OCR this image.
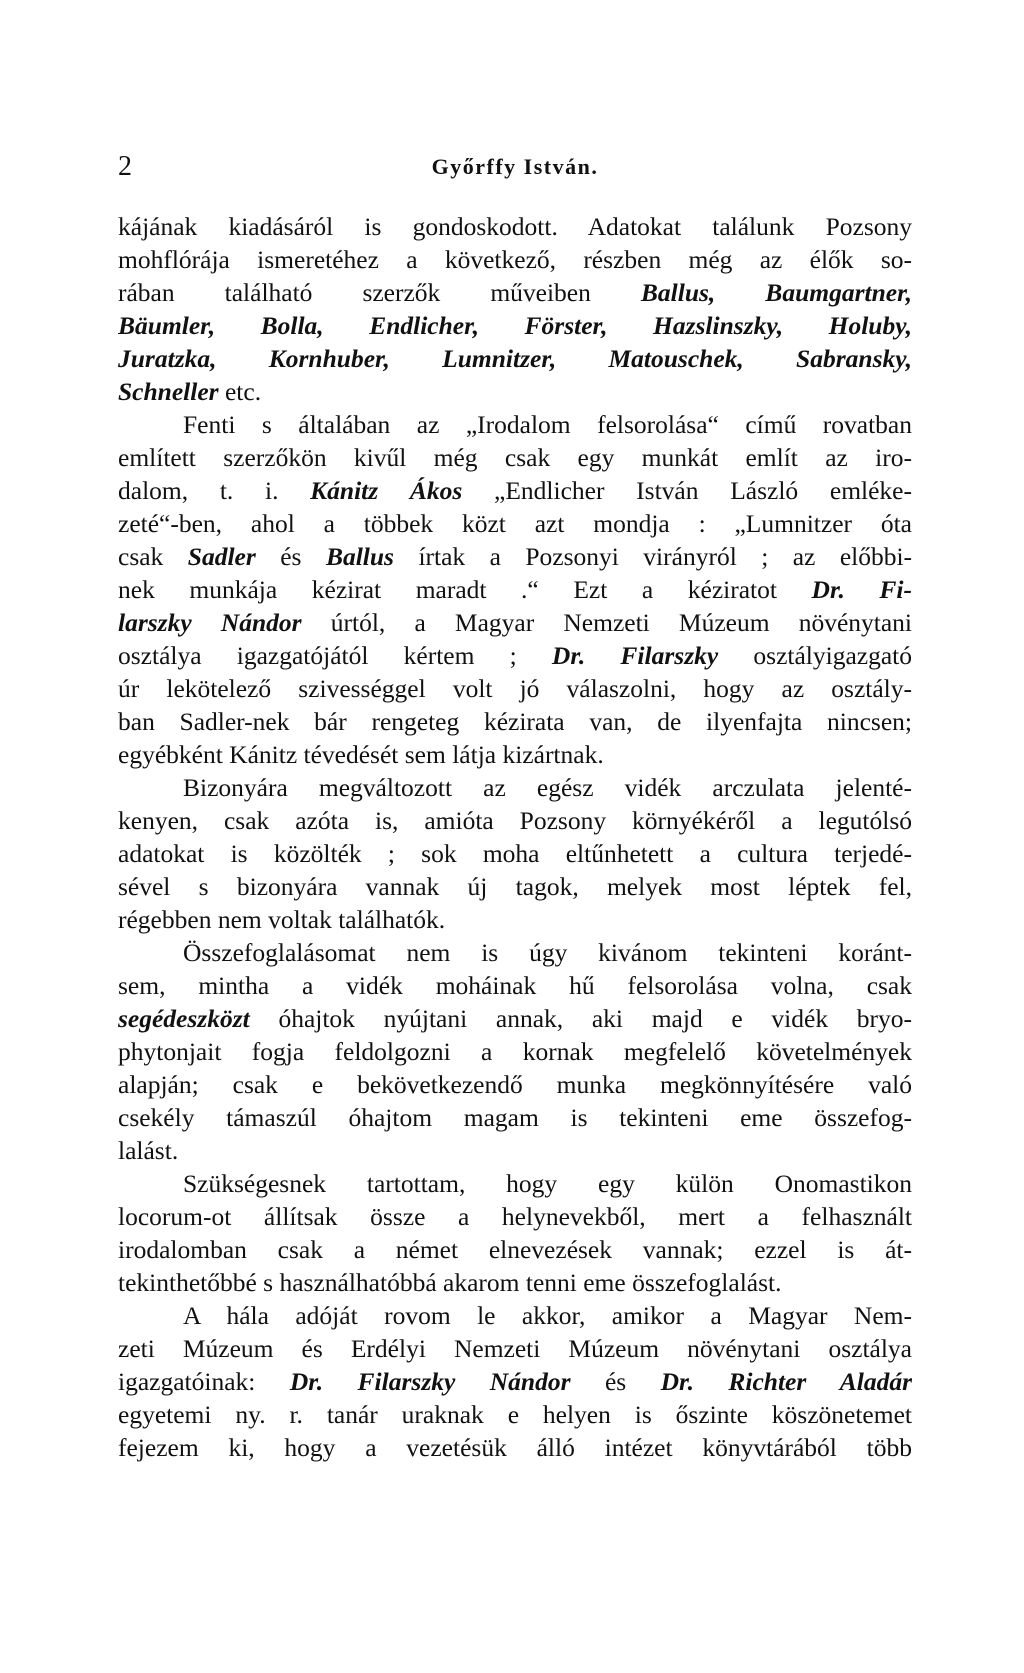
2	Győrffy István.
kájának kiadásáról is gondoskodott. Adatokat találunk Pozsony
mohflórája ismeretéhez a következő, részben még az élők so-
rában található szerzők műveiben Ballus, Baumgartner,
Bäumler, Bolla, Endlicher, Förster, Hazslinszky, Holuby,
Juratzka, Kornhuber, Lumnitzer, Matouschek, Sabransky,
Schneller etc.
Fenti s általában az „Irodalom felsorolása“ című rovatban
említett szerzőkön kivűl még csak egy munkát említ az iro-
dalom, t. i. Kánitz Ákos „Endlicher István László emléke-
zeté“-ben, ahol a többek közt azt mondja : „Lumnitzer óta
csak Sadler és Ballus írtak a Pozsonyi virányról ; az előbbi-
nek munkája kézirat maradt .“ Ezt a kéziratot Dr. Fi-
larszky Nándor úrtól, a Magyar Nemzeti Múzeum növénytani
osztálya igazgatójától kértem ; Dr. Filarszky osztályigazgató
úr lekötelező szivességgel volt jó válaszolni, hogy az osztály-
ban Sadler-nek bár rengeteg kézirata van, de ilyenfajta nincsen;
egyébként Kánitz tévedését sem látja kizártnak.
Bizonyára megváltozott az egész vidék arczulata jelenté-
kenyen, csak azóta is, amióta Pozsony környékéről a legutólsó
adatokat is közölték ; sok moha eltűnhetett a cultura terjedé-
sével s bizonyára vannak új tagok, melyek most léptek fel,
régebben nem voltak találhatók.
Összefoglalásomat nem is úgy kivánom tekinteni koránt-
sem, mintha a vidék moháinak hű felsorolása volna, csak
segédeszközt óhajtok nyújtani annak, aki majd e vidék bryo-
phytonjait fogja feldolgozni a kornak megfelelő követelmények
alapján; csak e bekövetkezendő munka megkönnyítésére való
csekély támaszúl óhajtom magam is tekinteni eme összefog-
lalást.
Szükségesnek tartottam, hogy egy külön Onomastikon
locorum-ot állítsak össze a helynevekből, mert a felhasznált
irodalomban csak a német elnevezések vannak; ezzel is át-
tekinthetőbbé s használhatóbbá akarom tenni eme összefoglalást.
A hála adóját rovom le akkor, amikor a Magyar Nem-
zeti Múzeum és Erdélyi Nemzeti Múzeum növénytani osztálya
igazgatóinak: Dr. Filarszky Nándor és Dr. Richter Aladár
egyetemi ny. r. tanár uraknak e helyen is őszinte köszönetemet
fejezem ki, hogy a vezetésük álló intézet könyvtárából több
